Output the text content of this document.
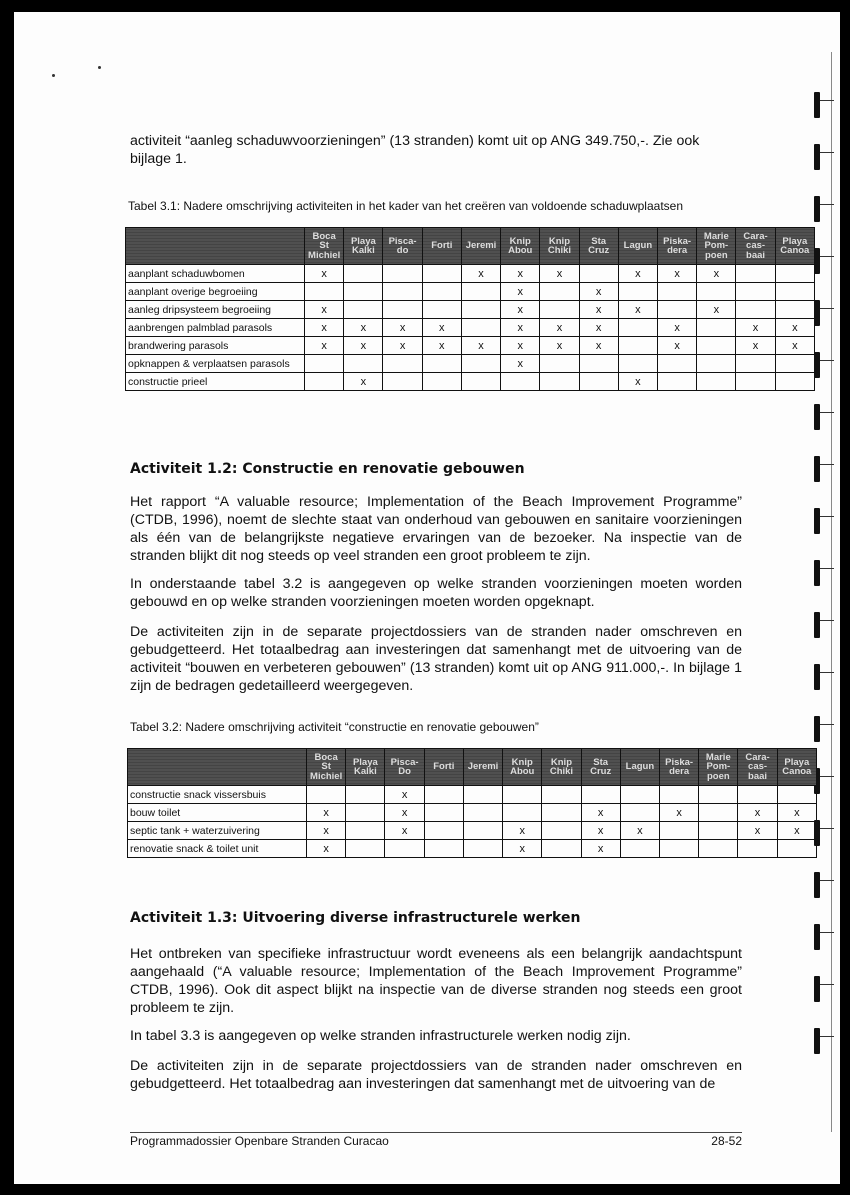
activiteit “aanleg schaduwvoorzieningen” (13 stranden) komt uit op ANG 349.750,-. Zie ook bijlage 1.
Tabel 3.1: Nadere omschrijving activiteiten in het kader van het creëren van voldoende schaduwplaatsen
	Boca St Michiel	Playa Kalki	Pisca-do	Forti	Jeremi	Knip Abou	Knip Chiki	Sta Cruz	Lagun	Piska-dera	Marie Pom-poen	Cara-cas-baai	Playa Canoa
aanplant schaduwbomen	x				x	x	x		x	x	x		
aanplant overige begroeiing						x		x					
aanleg dripsysteem begroeiing	x					x		x	x		x		
aanbrengen palmblad parasols	x	x	x	x		x	x	x		x		x	x
brandwering parasols	x	x	x	x	x	x	x	x		x		x	x
opknappen & verplaatsen parasols						x							
constructie prieel		x							x				
Activiteit 1.2: Constructie en renovatie gebouwen
Het rapport “A valuable resource; Implementation of the Beach Improvement Programme” (CTDB, 1996), noemt de slechte staat van onderhoud van gebouwen en sanitaire voorzieningen als één van de belangrijkste negatieve ervaringen van de bezoeker. Na inspectie van de stranden blijkt dit nog steeds op veel stranden een groot probleem te zijn.
In onderstaande tabel 3.2 is aangegeven op welke stranden voorzieningen moeten worden gebouwd en op welke stranden voorzieningen moeten worden opgeknapt.
De activiteiten zijn in de separate projectdossiers van de stranden nader omschreven en gebudgetteerd. Het totaalbedrag aan investeringen dat samenhangt met de uitvoering van de activiteit “bouwen en verbeteren gebouwen” (13 stranden) komt uit op ANG 911.000,-. In bijlage 1 zijn de bedragen gedetailleerd weergegeven.
Tabel 3.2: Nadere omschrijving activiteit “constructie en renovatie gebouwen”
	Boca St Michiel	Playa Kalki	Pisca-Do	Forti	Jeremi	Knip Abou	Knip Chiki	Sta Cruz	Lagun	Piska-dera	Marie Pom-poen	Cara-cas-baai	Playa Canoa
constructie snack vissersbuis			x										
bouw toilet	x		x					x		x		x	x
septic tank + waterzuivering	x		x			x		x	x			x	x
renovatie snack & toilet unit	x					x		x					
Activiteit 1.3: Uitvoering diverse infrastructurele werken
Het ontbreken van specifieke infrastructuur wordt eveneens als een belangrijk aandachtspunt aangehaald (“A valuable resource; Implementation of the Beach Improvement Programme” CTDB, 1996). Ook dit aspect blijkt na inspectie van de diverse stranden nog steeds een groot probleem te zijn.
In tabel 3.3 is aangegeven op welke stranden infrastructurele werken nodig zijn.
De activiteiten zijn in de separate projectdossiers van de stranden nader omschreven en gebudgetteerd. Het totaalbedrag aan investeringen dat samenhangt met de uitvoering van de
Programmadossier Openbare Stranden Curacao	28-52
